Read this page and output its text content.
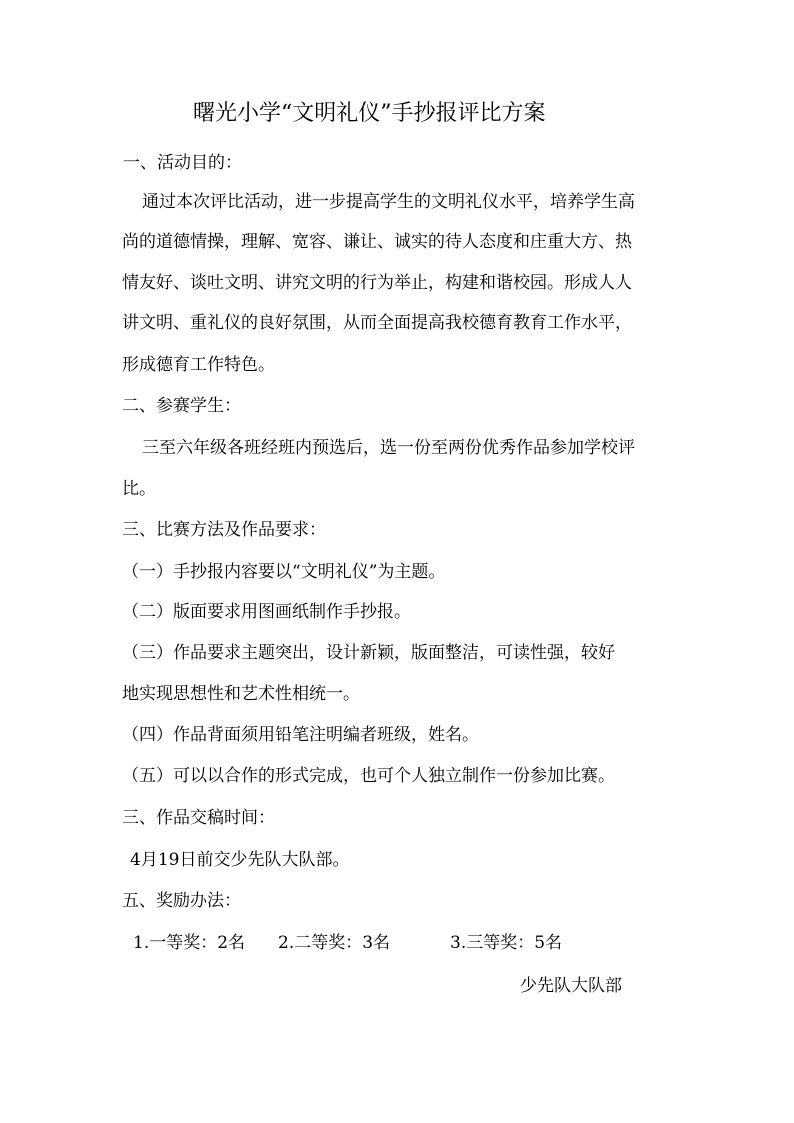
曙光小学“文明礼仪”手抄报评比方案
一、活动目的：
通过本次评比活动，进一步提高学生的文明礼仪水平，培养学生高
尚的道德情操，理解、宽容、谦让、诚实的待人态度和庄重大方、热
情友好、谈吐文明、讲究文明的行为举止，构建和谐校园。形成人人
讲文明、重礼仪的良好氛围，从而全面提高我校德育教育工作水平，
形成德育工作特色。
二、参赛学生：
三至六年级各班经班内预选后，选一份至两份优秀作品参加学校评
比。
三、比赛方法及作品要求：
（一）手抄报内容要以“文明礼仪”为主题。
（二）版面要求用图画纸制作手抄报。
（三）作品要求主题突出，设计新颖，版面整洁，可读性强，较好
地实现思想性和艺术性相统一。
（四）作品背面须用铅笔注明编者班级，姓名。
（五）可以以合作的形式完成，也可个人独立制作一份参加比赛。
三、作品交稿时间：
4月19日前交少先队大队部。
五、奖励办法：
1.一等奖：2名 2.二等奖：3名	3.三等奖：5名
少先队大队部
